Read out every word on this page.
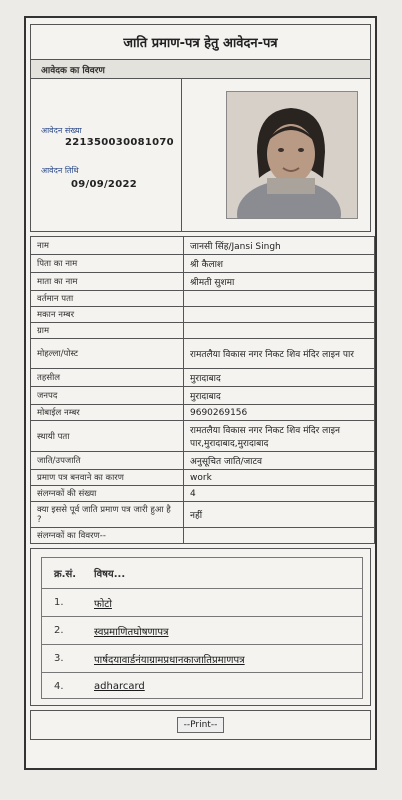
जाति प्रमाण-पत्र हेतु आवेदन-पत्र
आवेदक का विवरण
आवेदन संख्या
221350030081070
आवेदन तिथि
09/09/2022
नाम	जानसी सिंह/Jansi Singh
पिता का नाम	श्री कैलाश
माता का नाम	श्रीमती सुशमा
वर्तमान पता	
मकान नम्बर	
ग्राम	
मोहल्ला/पोस्ट	रामतलैया विकास नगर निकट शिव मंदिर लाइन पार
तहसील	मुरादाबाद
जनपद	मुरादाबाद
मोबाईल नम्बर	9690269156
स्थायी पता	रामतलैया विकास नगर निकट शिव मंदिर लाइन पार,मुरादाबाद,मुरादाबाद
जाति/उपजाति	अनुसूचित जाति/जाटव
प्रमाण पत्र बनवाने का कारण	work
संलग्नकों की संख्या	4
क्या इससे पूर्व जाति प्रमाण पत्र जारी हुआ है ?	नहीं
संलग्नकों का विवरण--	
क्र.सं.	विषय...
1.	फोटो
2.	स्वप्रमाणितघोषणापत्र
3.	पार्षदयावार्डनंयाग्रामप्रधानकाजातिप्रमाणपत्र
4.	adharcard
--Print--
